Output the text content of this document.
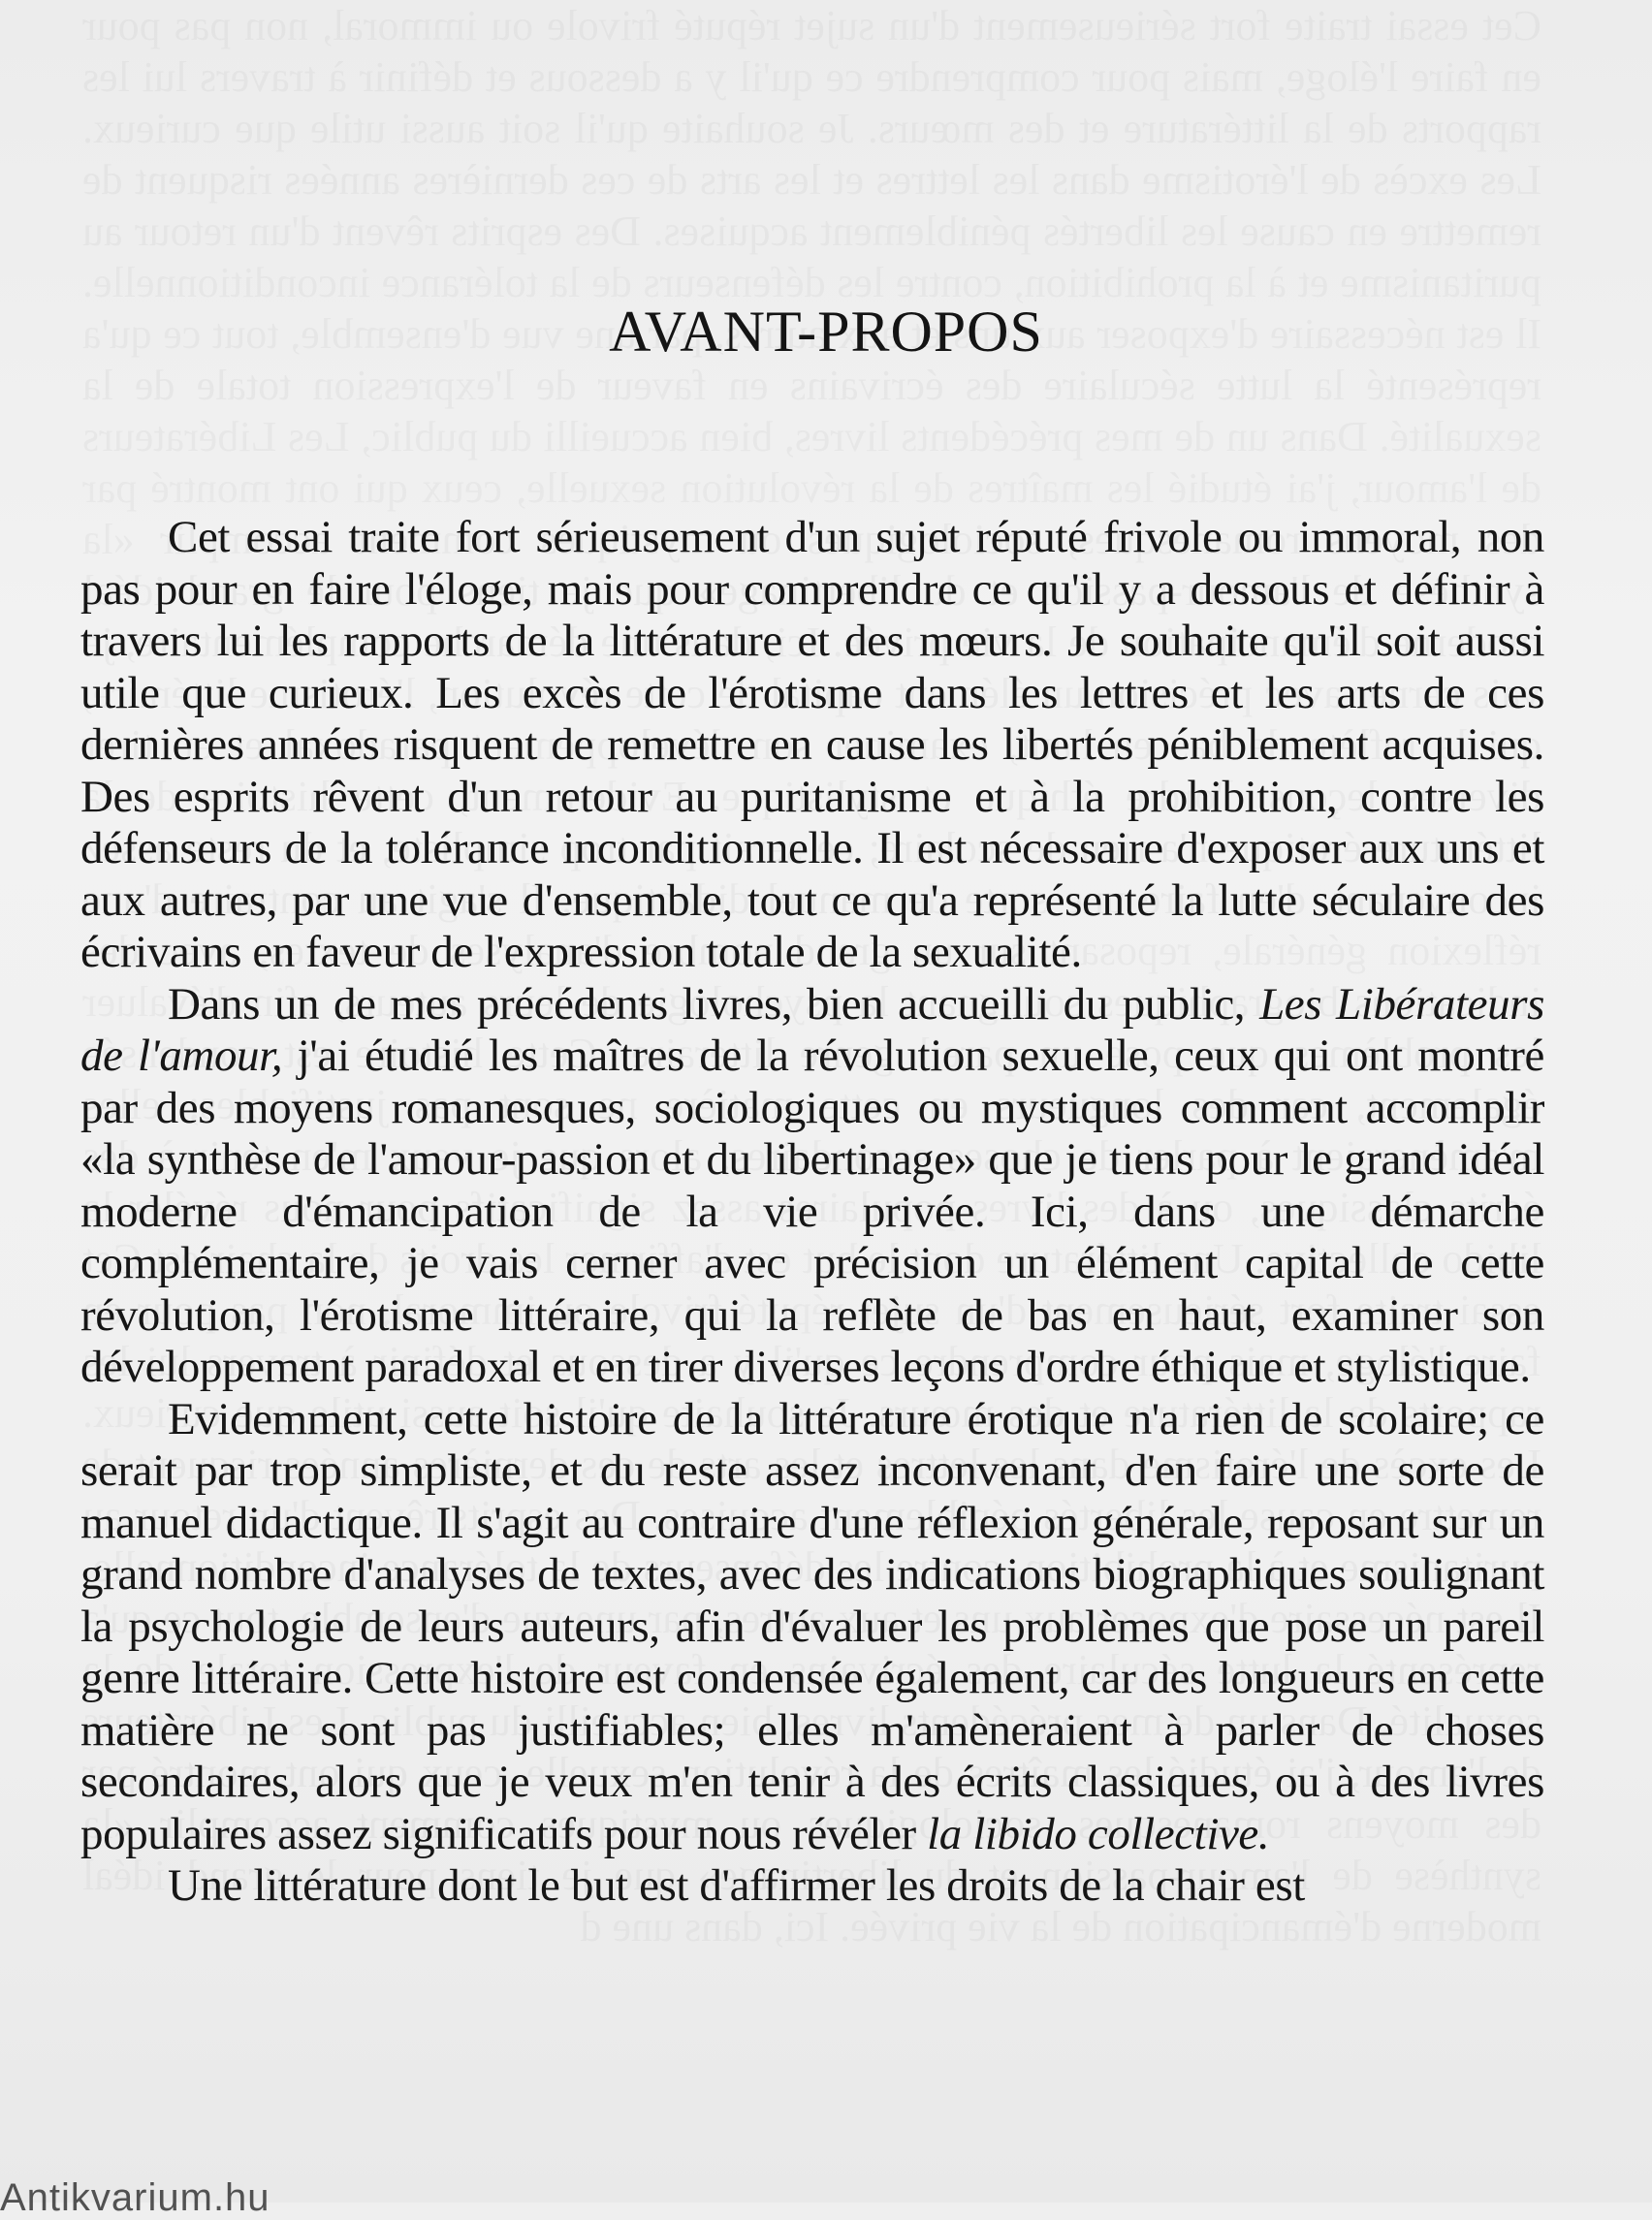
AVANT-PROPOS

Cet essai traite fort sérieusement d'un sujet réputé frivole ou immoral, non pas pour en faire l'éloge, mais pour comprendre ce qu'il y a dessous et définir à travers lui les rapports de la littérature et des mœurs. Je souhaite qu'il soit aussi utile que curieux. Les excès de l'érotisme dans les lettres et les arts de ces dernières années risquent de remettre en cause les libertés péniblement acquises. Des esprits rêvent d'un retour au puritanisme et à la prohibition, contre les défenseurs de la tolérance inconditionnelle. Il est nécessaire d'exposer aux uns et aux autres, par une vue d'ensemble, tout ce qu'a représenté la lutte séculaire des écrivains en faveur de l'expression totale de la sexualité.

Dans un de mes précédents livres, bien accueilli du public, Les Libérateurs de l'amour, j'ai étudié les maîtres de la révolution sexuelle, ceux qui ont montré par des moyens romanesques, sociologiques ou mystiques comment accomplir «la synthèse de l'amour-passion et du libertinage» que je tiens pour le grand idéal moderne d'émancipation de la vie privée. Ici, dans une démarche complémentaire, je vais cerner avec précision un élément capital de cette révolution, l'érotisme littéraire, qui la reflète de bas en haut, examiner son développement paradoxal et en tirer diverses leçons d'ordre éthique et stylistique.

Evidemment, cette histoire de la littérature érotique n'a rien de scolaire; ce serait par trop simpliste, et du reste assez inconvenant, d'en faire une sorte de manuel didactique. Il s'agit au contraire d'une réflexion générale, reposant sur un grand nombre d'analyses de textes, avec des indications biographiques soulignant la psychologie de leurs auteurs, afin d'évaluer les problèmes que pose un pareil genre littéraire. Cette histoire est condensée également, car des longueurs en cette matière ne sont pas justifiables; elles m'amèneraient à parler de choses secondaires, alors que je veux m'en tenir à des écrits classiques, ou à des livres populaires assez significatifs pour nous révéler la libido collective.

Une littérature dont le but est d'affirmer les droits de la chair est

Antikvarium.hu
